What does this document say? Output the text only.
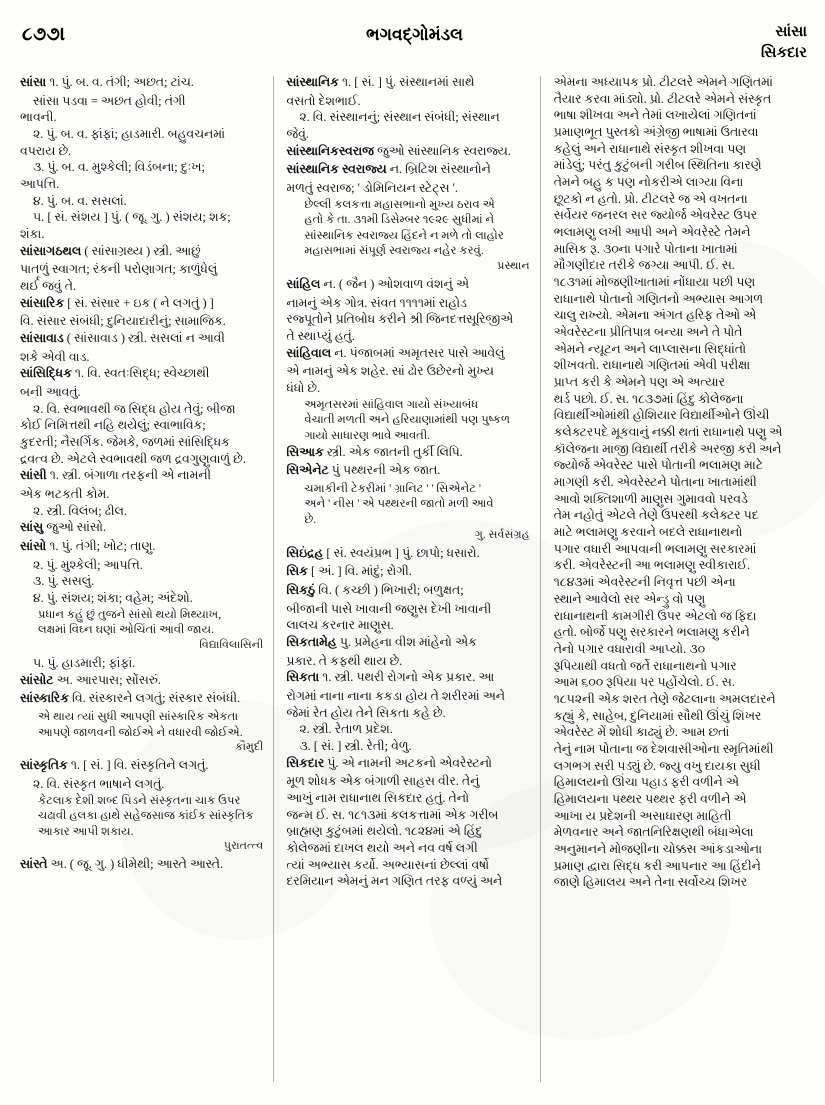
૮૭૭।	ભગવદ્ગોમંડલ	સાંસા
સિકદાર

સાંસા ૧. પું. બ. વ. તંગી; અછત; ટાંચ.

સાંસા પડવા = અછત હોવી; તંગી

ભાવની.

૨. પું. બ. વ. ફાંફાં; હાડમારી. બહુવચનમાં

વપરાય છે.

૩. પું. બ. વ. મુશ્કેલી; વિડંબના; દુઃખ;

આપત્તિ.

૪. પું. બ. વ. સસલાં.

૫. [ સં. સંશય ] પું. ( જૂ. ગુ. ) સંશય; શક;

શંકા.

સાંસાગઠથલ ( સાંસાગ્રથ્ય ) સ્ત્રી. આછું

પાતળું સ્વાગત; રંકની પરોણાગત; કાળુંધેલું

થર્ઈ જવું તે.

સાંસારિક [ સં. સંસાર + ઇક ( ને લગતું ) ]

વિ. સંસાર સંબંધી; દુનિયાદારીનું; સામાજિક.

સાંસાવાડ ( સાંસાવાડ ) સ્ત્રી. સસલાં ન આવી

શકે એવી વાડ.

સાંસિદ્ધિક ૧. વિ. સ્વતઃસિદ્ધ; સ્વેચ્છાથી

બની આવતું.

૨. વિ. સ્વભાવથી જ સિદ્ધ હોય તેવું; બીજા

કોઈ નિમિત્તથી નહિ થયેલું; સ્વાભાવિક;

કુદરતી; નૈસર્ગિક. જેમકે, જળમાં સાંસિદ્ધિક

દ્રવત્વ છે. એટલે સ્વભાવથી જળ દ્રવગુણુવાળું છે.

સાંસી ૧. સ્ત્રી. બંગાળા તરફની એ નામની

એક ભટકતી કોમ.

૨. સ્ત્રી. વિલંબ; ઢીલ.

સાંસુ જુઓ સાંસો.

સાંસો ૧. પું. તંગી; ખોટ; તાણુ.

૨. પું. મુશ્કેલી; આપત્તિ.

૩. પું. સસલું.

૪. પું. સંશય; શંકા; વહેમ; અંદેશો.

પ્રધાન કહું છું તુજને સાંસો થયો મિથ્યાખ,

લક્ષમાં વિઘ્ન ઘણાં ઓચિંતાં આવી જાય.

વિદ્યાવિલાસિની

૫. પું. હાડમારી; ફાંફાં.

સાંસોટ અ. આરપાસ; સોંસરું.

સાંસ્કારિક વિ. સંસ્કારને લગતું; સંસ્કાર સંબંધી.

એ થાય ત્યાં સુધી આપણી સાંસ્કારિક એકતા

આપણે જાળવની જોઈએ ને વધારવી જોઈએ.

કૌમુદી

સાંસ્કૃતિક ૧. [ સં. ] વિ. સંસ્કૃતિને લગતું.

૨. વિ. સંસ્કૃત ભાષાને લગતું.

કેટલાક દેશી શબ્દ પિડને સંસ્કૃતના ચાક ઉપર

ચઢાવી હલકા હાથે સહેજસાજ કાંઈક સાંસ્કૃતિક

આકાર આપી શકાય.

પુરાતત્ત્વ

સાંસ્તે અ. ( જૂ. ગુ. ) ધીમેથી; આસ્તે આસ્તે.

સાંસ્થાનિક ૧. [ સં. ] પું. સંસ્થાનમાં સાથે

વસતો દેશભાઈ.

૨. વિ. સંસ્થાનનું; સંસ્થાન સંબંધી; સંસ્થાન

જેવું.

સાંસ્થાનિકસ્વરાજ જુઓ સાંસ્થાનિક સ્વરાજ્ય.

સાંસ્થાનિક સ્વરાજ્ય ન. બ્રિટિશ સંસ્થાનોને

મળતું સ્વરાજ; ' ડોમિનિયન સ્ટેટ્સ '.

છેલ્લી કલકત્તા મહાસભાનો મુખ્ય ઠરાવ એ

હતો કે તા. ૩૧મી ડિસેમ્બર ૧૯૨૯ સુધીમાં ને

સાંસ્થાનિક સ્વરાજ્ય હિંદને ન મળે તો લાહોર

મહાસભામાં સંપૂર્ણ સ્વરાજ્ય નહેર કરવું.

પ્રસ્થાન

સાંહિલ ન. ( જૈન ) ઓશવાળ વંશનું એ

નામનું એક ગોત્ર. સંવત ૧૧૧૧માં રાહોડ

રજ્પૂતોને પ્રતિબોધ કરીને શ્રી જિનદત્તસૂરિજીએ

તે સ્થાપ્યું હતું.

સાંહિવાલ ન. પંજાબમાં અમૃતસર પાસે આવેલું

એ નામનું એક શહેર. સાં ઢોર ઉછેરનો મુખ્ય

ધંધો છે.

અમૃતસરમાં સાંહિવાલ ગાયો સંખ્યાબંધ

વેચાતી મળતી અને હરિયાણામાંથી પણ પુષ્કળ

ગાયો સાધારણ ભાવે આવતી.

સિઆક સ્ત્રી. એક જાતની તુર્કી લિપિ.

સિએનેટ પું પથ્થરની એક જાત.

ચમાકીની ટેકરીમાં ' ગ્રાનિટ ' ' સિએનેટ '

અને ' નીસ ' એ પથ્થરની જાતો મળી આવે

છે.

ગુ. સર્વસંગ્રહ

સિઇંદ્રહ [ સં. સ્વયંપ્રભ ] પું. છાપો; ધસારો.

સિક [ અં. ] વિ. માંદું; રોગી.

સિકઠું વિ. ( કચ્છી ) ભિખારી; બળુક્ષત;

બીજાની પાસે ખાવાની જણુસ દેખી ખાવાની

લાલચ કરનાર માણુસ.

સિકતામેહ પુ. પ્રમેહના વીશ માંહેનો એક

પ્રકાર. તે કફથી થાય છે.

સિકતા ૧. સ્ત્રી. પથરી રોગનો એક પ્રકાર. આ

રોગમાં નાના નાના કકડા હોય તે શરીરમાં અને

જેમાં રેત હોય તેને સિકતા કહે છે.

૨. સ્ત્રી. રેતાળ પ્રદેશ.

૩. [ સં. ] સ્ત્રી. રેતી; વેળુ.

સિકદાર પું. એ નામની અટકનો એવરેસ્ટનો

મૂળ શોધક એક બંગાળી સાહસ વીર. તેનું

આખું નામ રાધાનાથ સિકદાર હતું. તેનો

જન્મ ઈ. સ. ૧૮૧૩માં કલકત્તામાં એક ગરીબ

બ્રાહ્મણ કુટુંબમાં થયેલો. ૧૮૨૪માં એ હિંદુ

કોલેજમાં દાખલ થયો અને નવ વર્ષ લગી

ત્યાં અભ્યાસ કર્યો. અભ્યાસનાં છેલ્લાં વર્ષો

દરમિયાન એમનું મન ગણિત તરફ વળ્યું અને

એમના અધ્યાપક પ્રો. ટીટલરે એમને ગણિતમાં

તૈયાર કરવા માંડ્યો. પ્રો. ટીટલરે એમને સંસ્કૃત

ભાષા શીખવા અને તેમાં લખાયેલાં ગણિતનાં

પ્રમાણભૂત પુસ્તકો અંગ્રેજી ભાષામાં ઉતારવા

કહેલું અને રાધાનાથે સંસ્કૃત શીખવા પણ

માંડેલું; પરંતુ કુટુંબની ગરીબ સ્થિતિના કારણે

તેમને બહુ ક પણ નોકરીએ લાગ્યા વિના

છૂટકો ન હતો. પ્રો. ટીટલરે જ એ વખતના

સર્વેયર જનરલ સર જ્યોર્જ એવરેસ્ટ ઉપર

ભલામણુ લખી આપી અને એવરેસ્ટે તેમને

માસિક રૂ. ૩૦ના પગારે પોતાના ખાતામાં

મૌગણીદાર તરીકે જગ્યા આપી. ઈ. સ.

૧૮૩૧માં મોજણીખાતામાં નોંધાયા પછી પણ

રાધાનાથે પોતાનો ગણિતનો અભ્યાસ આગળ

ચાલુ રાખ્યો. એમના અંગત હરિફ તેઓ એ

એવરેસ્ટના પ્રીતિપાત્ર બન્યા અને તે પોતે

એમને ન્યૂટન અને લાપ્લાસના સિદ્ધાંતો

શીખવતો. રાધાનાથે ગણિતમાં એવી પરીક્ષા

પ્રાપ્ત કરી કે એમને પણ એ અત્યાર

થર્ડ પછો. ઈ. સ. ૧૮૩૭માં હિંદુ કોલેજના

વિદ્યાર્થીઓમાંથી હોશિયાર વિદ્યાર્થીઓને ઊંચી

કલેક્ટરપદે મૂકવાનું નક્કી થતાં રાધાનાથે પણુ એ

કૉલેજના માજી વિદ્યાર્થી તરીકે અરજી કરી અને

જ્યોર્જ એવરેસ્ટ પાસે પોતાની ભલામણ માટે

માગણી કરી. એવરેસ્ટને પોતાના ખાતામાંથી

આવો શક્તિશાળી માણુસ ગુમાવવો પરવડે

તેમ નહોતું એટલે તેણે ઉપરથી કલેક્ટર પદ

માટે ભલામણુ કરવાને બદલે રાધાનાથનો

પગાર વધારી આપવાની ભલામણુ સરકારમાં

કરી. એવરેસ્ટની આ ભલામણુ સ્વીકારાઈ.

૧૮૪૩માં એવરેસ્ટની નિવૃત્ત પછી એના

સ્થાને આવેલો સર એન્ડ્રુ વો પણુ

રાધાનાથની કામગીરી ઉપર એટલો જ ફિદા

હતો. બોર્જે પણુ સરકારને ભલામણુ કરીને

તેનો પગાર વધારાવી આપ્યો. ૩૦

રૂપિયાથી વધતો જર્તે રાધાનાથનો પગાર

આમ ૬૦૦ રૂપિયા પર પહોંચેલો. ઈ. સ.

૧૮૫૨ની એક શરત તેણે જેટલાના અમલદારને

કહ્યું કે, સાહેબ, દુનિયામાં સૌથી ઊંચું શિખર

એવરેસ્ટ મેં શોધી કાઢ્યું છે. આમ છતાં

તેનું નામ પોતાના જ દેશવાસીઓના સ્મૃતિમાંથી

લગભગ સરી પડ્યું છે. જ્યુ વખુ દાયકા સુધી

હિમાલયનો ઊંચા પહાડ ફરી વળીને એ

હિમાલયના પથ્થર પથ્થર ફરી વળીને એ

આખા ય પ્રદેશની અસાધારણ માહિતી

મેળવનાર અને જાતનિરિક્ષણથી બંધાએલા

અનુમાનને મોજણીના ચોક્કસ આંકડાઓના

પ્રમાણ દ્વારા સિદ્ધ કરી આપનાર આ હિંદીને

જાણે હિમાલય અને તેના સર્વોચ્ચ શિખર
